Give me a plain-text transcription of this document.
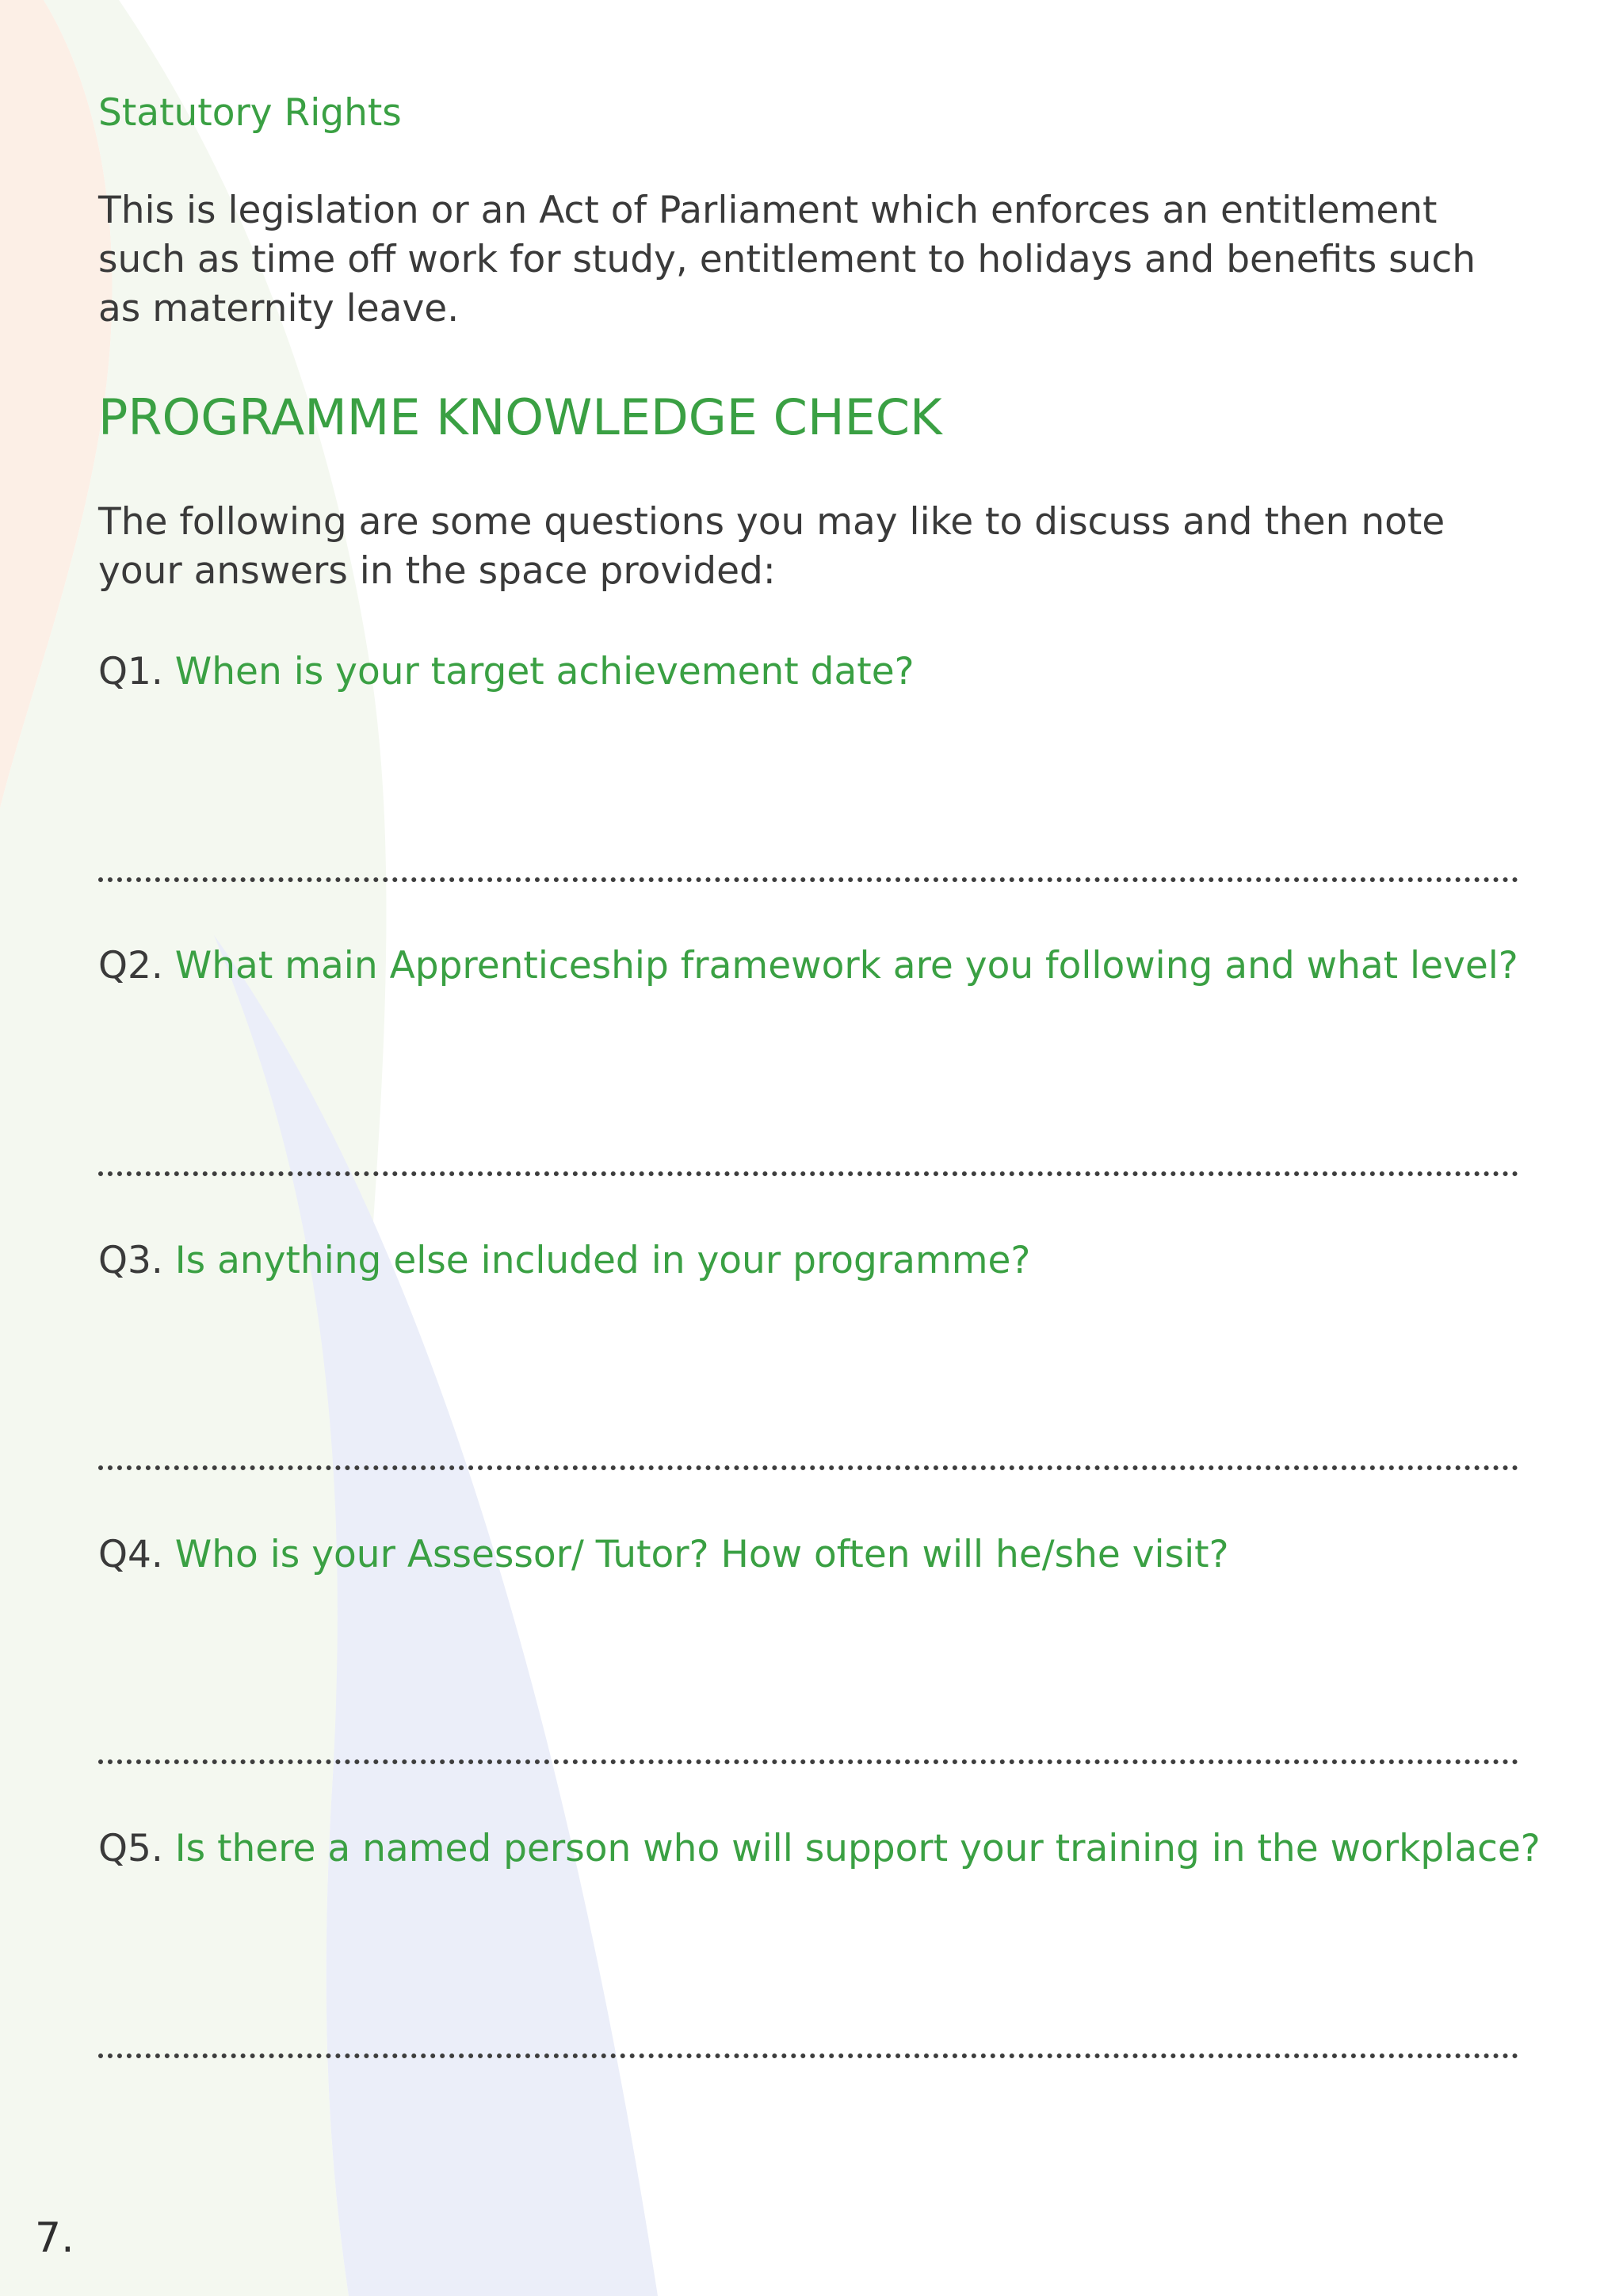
Statutory Rights

This is legislation or an Act of Parliament which enforces an entitlement such as time off work for study, entitlement to holidays and benefits such as maternity leave.

PROGRAMME KNOWLEDGE CHECK

The following are some questions you may like to discuss and then note your answers in the space provided:

Q1. When is your target achievement date?

Q2. What main Apprenticeship framework are you following and what level?

Q3. Is anything else included in your programme?

Q4. Who is your Assessor/ Tutor? How often will he/she visit?

Q5. Is there a named person who will support your training in the workplace?

7.
